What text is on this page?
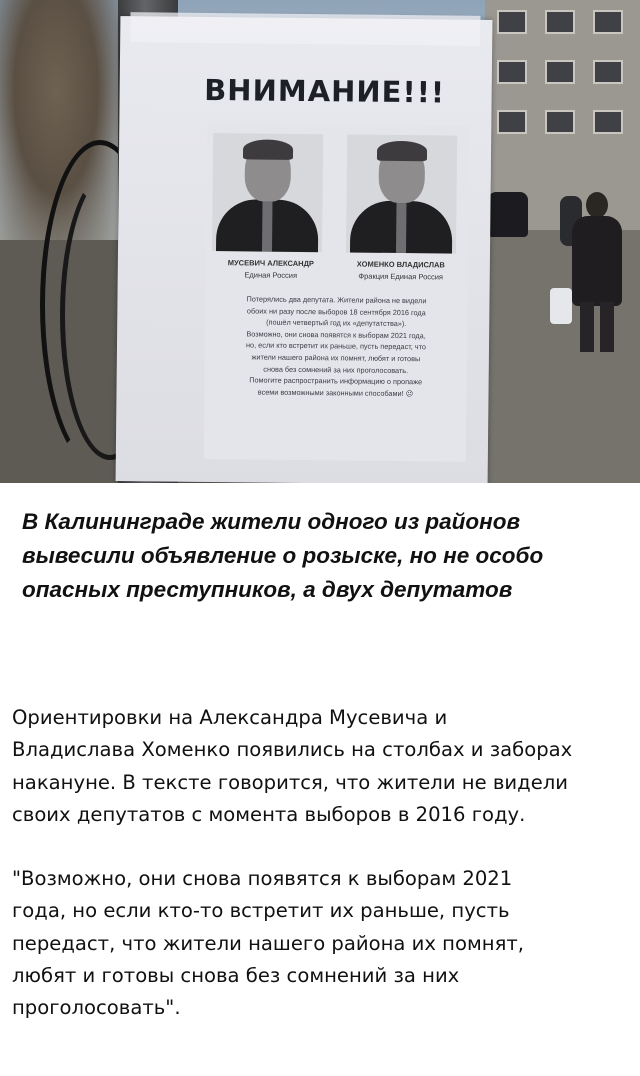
ВНИМАНИЕ!!!
МУСЕВИЧ АЛЕКСАНДР
Единая Россия
ХОМЕНКО ВЛАДИСЛАВ
Фракция Единая Россия
Потерялись два депутата. Жители района не видели
обоих ни разу после выборов 18 сентября 2016 года
(пошёл четвертый год их «депутатства»).
Возможно, они снова появятся к выборам 2021 года,
но, если кто встретит их раньше, пусть передаст, что
жители нашего района их помнят, любят и готовы
снова без сомнений за них проголосовать.
Помогите распространить информацию о пропаже
всеми возможными законными способами! ☹
В Калининграде жители одного из районов
вывесили объявление о розыске, но не особо
опасных преступников, а двух депутатов
Ориентировки на Александра Мусевича и
Владислава Хоменко появились на столбах и заборах
накануне. В тексте говорится, что жители не видели
своих депутатов с момента выборов в 2016 году.
"Возможно, они снова появятся к выборам 2021
года, но если кто-то встретит их раньше, пусть
передаст, что жители нашего района их помнят,
любят и готовы снова без сомнений за них
проголосовать".
